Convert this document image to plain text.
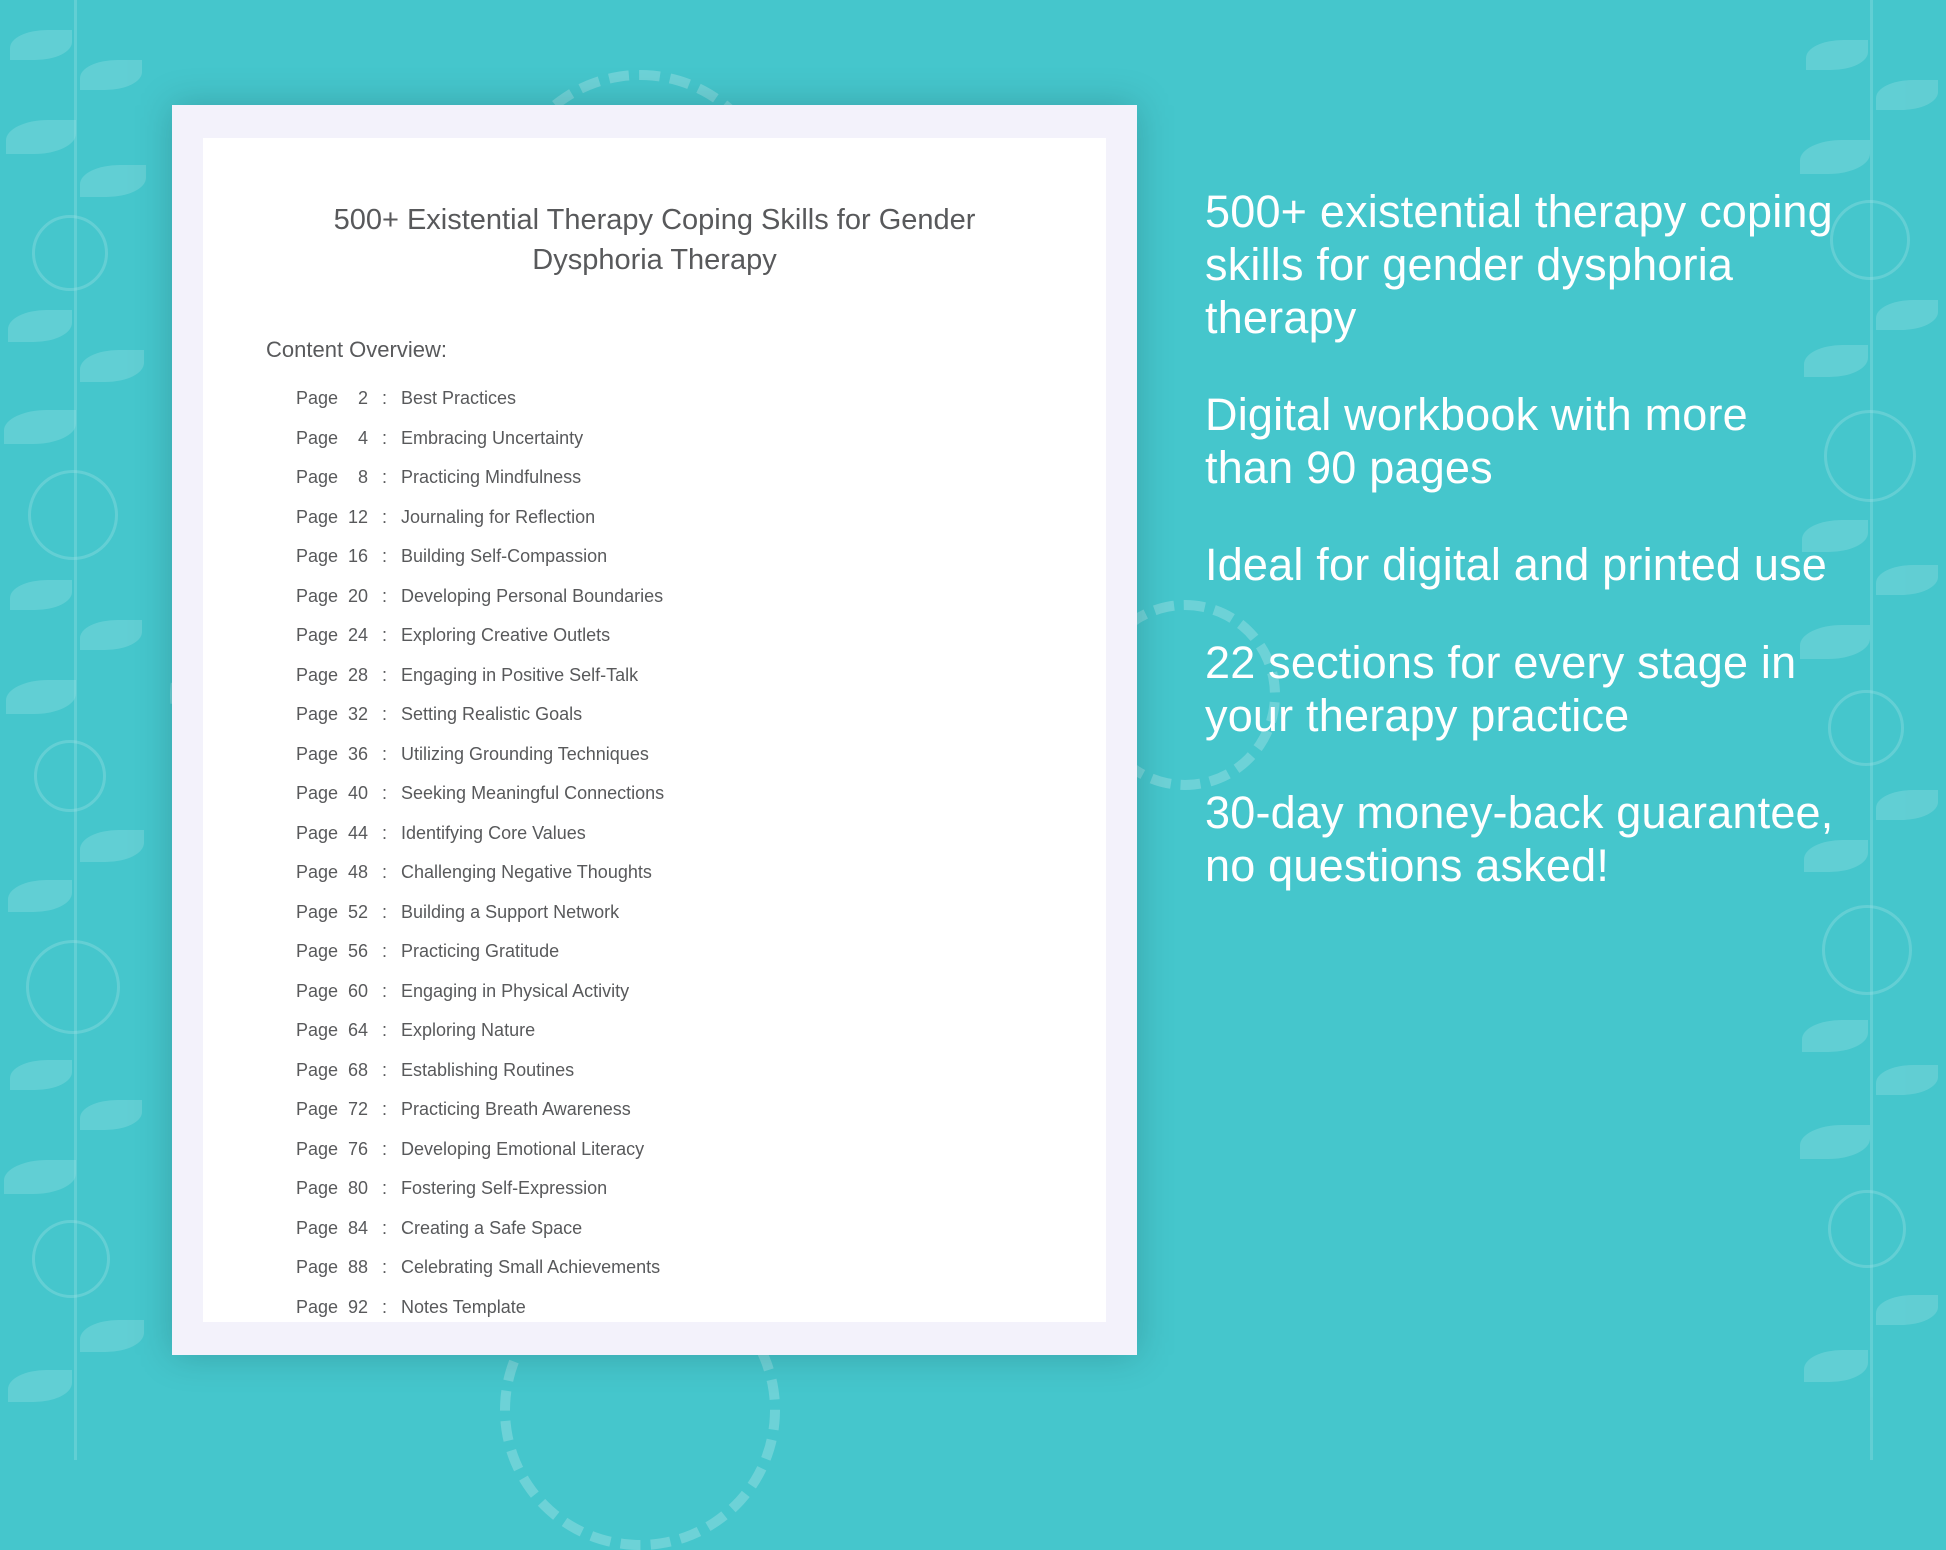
500+ Existential Therapy Coping Skills for Gender Dysphoria Therapy
Content Overview:
Page 2 : Best Practices
Page 4 : Embracing Uncertainty
Page 8 : Practicing Mindfulness
Page 12 : Journaling for Reflection
Page 16 : Building Self-Compassion
Page 20 : Developing Personal Boundaries
Page 24 : Exploring Creative Outlets
Page 28 : Engaging in Positive Self-Talk
Page 32 : Setting Realistic Goals
Page 36 : Utilizing Grounding Techniques
Page 40 : Seeking Meaningful Connections
Page 44 : Identifying Core Values
Page 48 : Challenging Negative Thoughts
Page 52 : Building a Support Network
Page 56 : Practicing Gratitude
Page 60 : Engaging in Physical Activity
Page 64 : Exploring Nature
Page 68 : Establishing Routines
Page 72 : Practicing Breath Awareness
Page 76 : Developing Emotional Literacy
Page 80 : Fostering Self-Expression
Page 84 : Creating a Safe Space
Page 88 : Celebrating Small Achievements
Page 92 : Notes Template
500+ existential therapy coping skills for gender dysphoria therapy
Digital workbook with more than 90 pages
Ideal for digital and printed use
22 sections for every stage in your therapy practice
30-day money-back guarantee, no questions asked!
